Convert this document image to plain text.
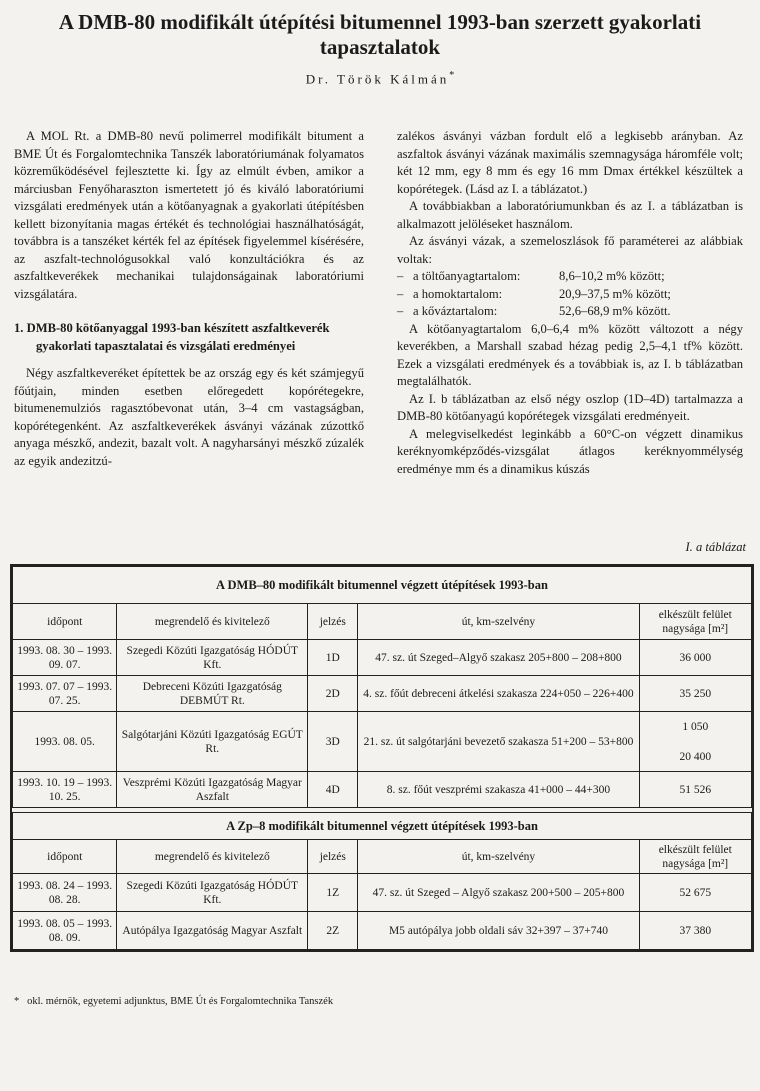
A DMB-80 modifikált útépítési bitumennel 1993-ban szerzett gyakorlati tapasztalatok
Dr. Török Kálmán*

A MOL Rt. a DMB-80 nevű polimerrel modifikált bitument a BME Út és Forgalomtechnika Tanszék laboratóriumának folyamatos közreműködésével fejlesztette ki. Így az elmúlt évben, amikor a márciusban Fenyőharaszton ismertetett jó és kiváló laboratóriumi vizsgálati eredmények után a kötőanyagnak a gyakorlati útépítésben kellett bizonyítania magas értékét és technológiai használhatóságát, továbbra is a tanszéket kérték fel az építések figyelemmel kísérésére, az aszfalt-technológusokkal való konzultációkra és az aszfaltkeverékek mechanikai tulajdonságainak laboratóriumi vizsgálatára.

1. DMB-80 kötőanyaggal 1993-ban készített aszfaltkeverék gyakorlati tapasztalatai és vizsgálati eredményei

Négy aszfaltkeveréket építettek be az ország egy és két számjegyű főútjain, minden esetben előregedett kopórétegekre, bitumenemulziós ragasztóbevonat után, 3–4 cm vastagságban, kopórétegenként. Az aszfaltkeverékek ásványi vázának zúzottkő anyaga mészkő, andezit, bazalt volt. A nagyharsányi mészkő zúzalék az egyik andezitzú-

zalékos ásványi vázban fordult elő a legkisebb arányban. Az aszfaltok ásványi vázának maximális szemnagysága háromféle volt; két 12 mm, egy 8 mm és egy 16 mm Dmax értékkel készültek a kopórétegek. (Lásd az I. a táblázatot.)

A továbbiakban a laboratóriumunkban és az I. a táblázatban is alkalmazott jelöléseket használom.

Az ásványi vázak, a szemeloszlások fő paraméterei az alábbiak voltak:

– a töltőanyagtartalom:	8,6–10,2 m% között;
– a homoktartalom:	20,9–37,5 m% között;
– a kőváztartalom:	52,6–68,9 m% között.

A kötőanyagtartalom 6,0–6,4 m% között változott a négy keverékben, a Marshall szabad hézag pedig 2,5–4,1 tf% között. Ezek a vizsgálati eredmények és a továbbiak is, az I. b táblázatban megtalálhatók.

Az I. b táblázatban az első négy oszlop (1D–4D) tartalmazza a DMB-80 kötőanyagú kopórétegek vizsgálati eredményeit.

A melegviselkedést leginkább a 60°C-on végzett dinamikus keréknyomképződés-vizsgálat átlagos keréknyommélység eredménye mm és a dinamikus kúszás

I. a táblázat
A DMB–80 modifikált bitumennel végzett útépítések 1993-ban				
időpont	megrendelő és kivitelező	jelzés	út, km-szelvény	elkészült felület nagysága [m²]
1993. 08. 30 – 1993. 09. 07.	Szegedi Közúti Igazgatóság HÓDÚT Kft.	1D	47. sz. út Szeged–Algyő szakasz 205+800 – 208+800	36 000
1993. 07. 07 – 1993. 07. 25.	Debreceni Közúti Igazgatóság DEBMÚT Rt.	2D	4. sz. főút debreceni átkelési szakasza 224+050 – 226+400	35 250
1993. 08. 05.	Salgótarjáni Közúti Igazgatóság EGÚT Rt.	3D	21. sz. út salgótarjáni bevezető szakasza 51+200 – 53+800	1 050
20 400

1993. 10. 19 – 1993. 10. 25.	Veszprémi Közúti Igazgatóság Magyar Aszfalt	4D	8. sz. főút veszprémi szakasza 41+000 – 44+300	51 526
A Zp–8 modifikált bitumennel végzett útépítések 1993-ban				
időpont	megrendelő és kivitelező	jelzés	út, km-szelvény	elkészült felület nagysága [m²]
1993. 08. 24 – 1993. 08. 28.	Szegedi Közúti Igazgatóság HÓDÚT Kft.	1Z	47. sz. út Szeged – Algyő szakasz 200+500 – 205+800	52 675
1993. 08. 05 – 1993. 08. 09.	Autópálya Igazgatóság Magyar Aszfalt	2Z	M5 autópálya jobb oldali sáv 32+397 – 37+740	37 380
* okl. mérnök, egyetemi adjunktus, BME Út és Forgalomtechnika Tanszék
